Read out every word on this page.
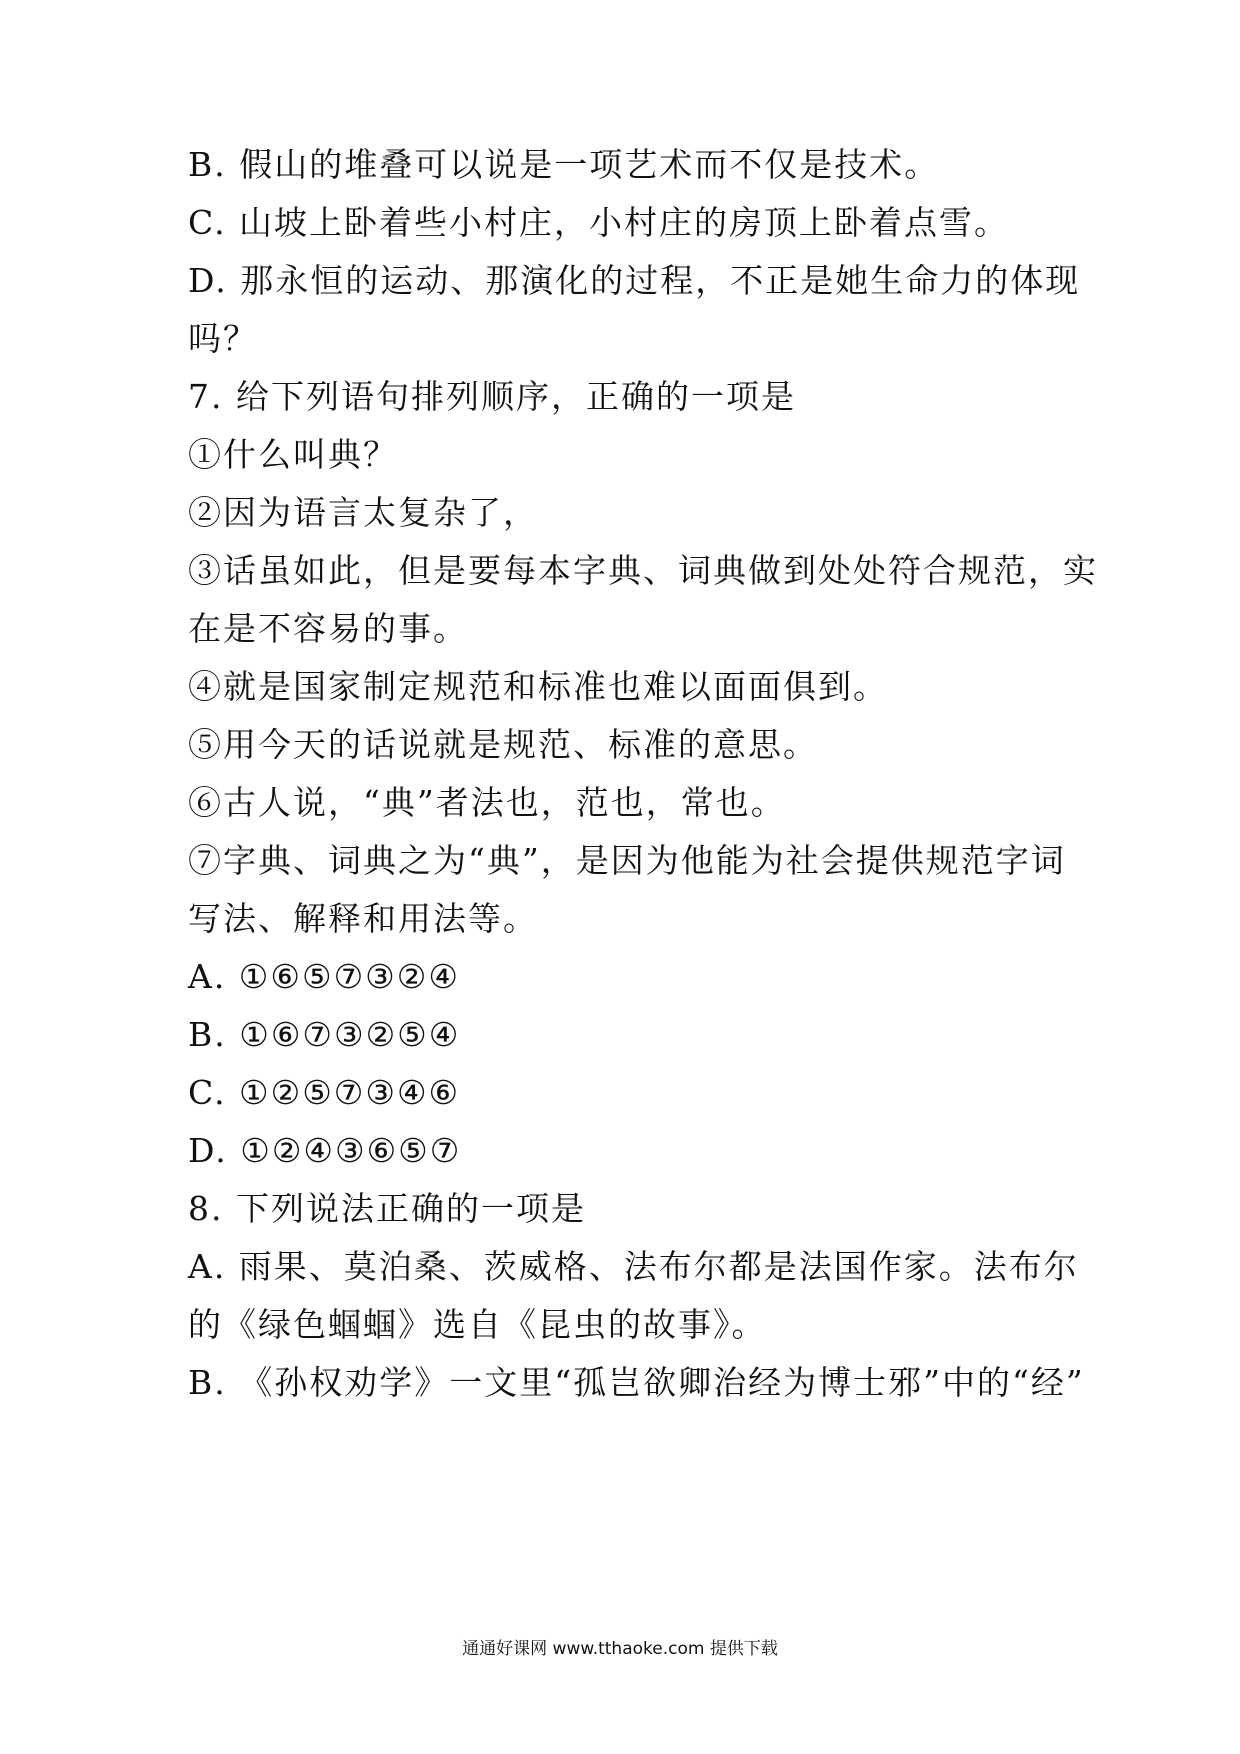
B. 假山的堆叠可以说是一项艺术而不仅是技术。
C. 山坡上卧着些小村庄，小村庄的房顶上卧着点雪。
D. 那永恒的运动、那演化的过程，不正是她生命力的体现
吗？
7. 给下列语句排列顺序，正确的一项是
①什么叫典？
②因为语言太复杂了，
③话虽如此，但是要每本字典、词典做到处处符合规范，实
在是不容易的事。
④就是国家制定规范和标准也难以面面俱到。
⑤用今天的话说就是规范、标准的意思。
⑥古人说，“典”者法也，范也，常也。
⑦字典、词典之为“典”，是因为他能为社会提供规范字词
写法、解释和用法等。
A. ①⑥⑤⑦③②④
B. ①⑥⑦③②⑤④
C. ①②⑤⑦③④⑥
D. ①②④③⑥⑤⑦
8. 下列说法正确的一项是
A. 雨果、莫泊桑、茨威格、法布尔都是法国作家。法布尔
的《绿色蝈蝈》选自《昆虫的故事》。
B. 《孙权劝学》一文里“孤岂欲卿治经为博士邪”中的“经”
通通好课网 www.tthaoke.com 提供下载
